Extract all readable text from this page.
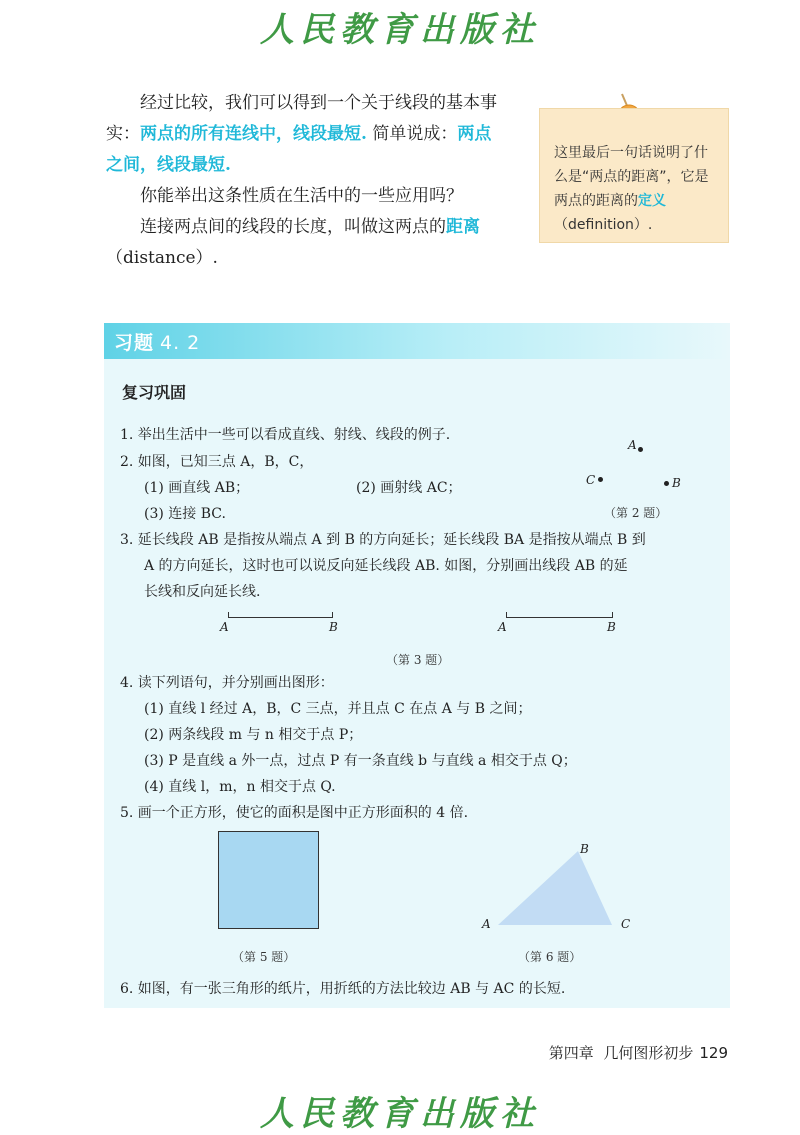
人民教育出版社

经过比较，我们可以得到一个关于线段的基本事实：两点的所有连线中，线段最短. 简单说成：两点之间，线段最短.

你能举出这条性质在生活中的一些应用吗？

连接两点间的线段的长度，叫做这两点的距离（distance）.

这里最后一句话说明了什么是“两点的距离”，它是两点的距离的定义（definition）.
习题 4. 2
复习巩固
1. 举出生活中一些可以看成直线、射线、线段的例子.
2. 如图，已知三点 A，B，C，
(1) 画直线 AB；	(2) 画射线 AC；
(3) 连接 BC.
A
C	B
（第 2 题）
3. 延长线段 AB 是指按从端点 A 到 B 的方向延长；延长线段 BA 是指按从端点 B 到
A 的方向延长，这时也可以说反向延长线段 AB. 如图，分别画出线段 AB 的延
长线和反向延长线.
A	B	A	B
（第 3 题）
4. 读下列语句，并分别画出图形：
(1) 直线 l 经过 A，B，C 三点，并且点 C 在点 A 与 B 之间；
(2) 两条线段 m 与 n 相交于点 P；
(3) P 是直线 a 外一点，过点 P 有一条直线 b 与直线 a 相交于点 Q；
(4) 直线 l，m，n 相交于点 Q.
5. 画一个正方形，使它的面积是图中正方形面积的 4 倍.
（第 5 题）
B
A	C
（第 6 题）
6. 如图，有一张三角形的纸片，用折纸的方法比较边 AB 与 AC 的长短.
第四章 几何图形初步 129
人民教育出版社
